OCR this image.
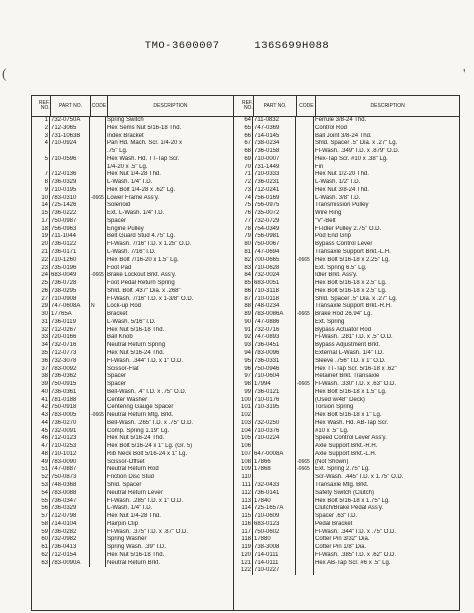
(	'
TMO-3600007	136S699H088
REF. NO.	PART NO.	CODE	DESCRIPTION
1 732-0750A	Spring Switch
2 712-3065	Hex Sems Nut 5/16-18 Thd.
3 731-1063B	Index Bracket
4 710-0924	Pan Hd. Mach. Scr. 1/4-20 x
.75" Lg.
5 710-0596	Hex Wash. Hd. TT-Tap Scr.
1/4-20 x .5" Lg.
7 712-0136	Hex Nut 1/4-28 Thd.
8 736-0329	L-Wash. 1/4" I.D.
9 710-0195	Hex Bolt 1/4-28 x .62" Lg.
10 783-0310	-0665 Lower Frame Ass'y.
14 725-1426	Solenoid
15 736-0222	Ext. L-Wash. 1/4" I.D.
17 750-0987	Spacer
18 756-0963	Engine Pulley
19 711-1044	Belt Guard Stud 4.75" Lg.
20 736-0122	Fl-Wash. 7/16" I.D. x 1.25" O.D.
21 736-0171	L-Wash. 7/16" I.D.
22 710-1260	Hex Bolt 7/16-20 x 1.5" Lg.
23 735-0196	Foot Pad
24 683-0049	-0665 Brake Lockout Brkt. Ass'y.
25 736-0728	Foot Pedal Return Spring
26 738-0295	Shld. Bolt .437" Dia. x .268"
27 710-0908	Fl-Wash. 7/16" I.D. x 1-3/8" O.D.
29 747-0608A	N	Lock-up Rod
30 17765A	Bracket
31 736-0119	L-Wash. 5/16" I.D.
32 712-0267	Hex Nut 5/16-18 Thd.
33 720-0166	Ball Knob
34 732-0716	Neutral Return Spring
35 712-0773	Hex Nut 5/16-24 Thd.
36 732-3078	Fl-Wash. .344" I.D. x 1" O.D.
37 783-0092	Scissor-Flat
38 736-0362	Spacer
39 750-0915	Spacer
40 736-0361	Bell-Wash. .4" I.D. x .75" O.D.
41 781-0188	Center Washer
42 750-0918	Centering Gauge Spacer
43 783-0005	-0665 Neutral Return Mtg. Brkt.
44 736-0270	Bell-Wash. .265" I.D. x .75" O.D.
45 732-0091	Comp. Spring 1.19" Lg.
46 712-0123	Hex Nut 5/16-24 Thd.
47 710-0253	Hex Bolt 5/16-24 x 1" Lg. (Gr. 5)
48 710-1012	Rib Neck Bolt 5/16-24 x 1" Lg.
49 783-0090	Scissor-Offset
51 747-0887	Neutral Return Rod
52 750-0873	Friction Disc Stud
53 748-0368	Shld. Spacer
54 783-0088	Neutral Return Lever
55 736-0347	Fl-Wash. .285" I.D. x 1" O.D.
56 736-0329	L-Wash. 1/4" I.D.
57 712-0798	Hex Nut 1/4-28 Thd.
58 714-0104	Hairpin Clip
59 736-0282	Fl-Wash. .375" I.D. x .87" O.D.
60 732-0982	Spring Washer
61 736-0413	Spring Wash. .39" I.D.
62 712-0154	Hex Nut 5/16-18 Thd.
63 783-0090A	Neutral Return Brkt.
REF. NO.	PART NO.	CODE	DESCRIPTION
64 711-0832	Ferrule 3/8-24 Thd.
65 747-0369	Control Rod
66 714-0145	Ball Joint 3/8-24 Thd.
67 738-0234	Shld. Spacer .5" Dia. x .27" Lg.
68 736-0158	Fl-Wash. .349" I.D. x .879" O.D.
69 710-0007	Hex-Tap Scr. #10 x .38" Lg.
70 731-1449	Fin
71 710-0333	Hex Nut 1/2-20 Thd.
72 736-0231	L-Wash. 1/2" I.D.
73 712-0241	Hex Nut 3/8-24 Thd.
74 756-0169	L-Wash. 3/8" I.D.
75 756-0975	Transmission Pulley
76 735-0072	Wire Ring
77 732-0729	"V"-Belt
78 754-0349	Fl-Idler Pulley 2.75" O.D.
79 756-0981	Pod End Grip
80 750-0067	Bypass Control Lever
81 747-0694	Transaxle Support Brkt.-L.H.
82 700-0665	-0665 Hex Bolt 5/16-18 x 2.25" Lg.
83 710-0628	Ext. Spring 6.5" Lg.
84 732-0024	Idler Brkt. Ass'y.
85 683-0051	Hex Bolt 5/16-18 x 2.5" Lg.
86 710-3118	Hex Bolt 5/16-18 x 2.5" Lg.
87 710-0118	Shld. Spacer .5" Dia. x .27" Lg.
88 748-0234	Transaxle Support Brkt.-R.H.
89 783-0086A	-0665 Brake Rod 26.94" Lg.
90 747-0886	Ext. Spring
91 732-0716	Bypass Actuator Rod
92 747-0893	Fl-Wash. .281" I.D. x .5" O.D.
93 736-0451	Bypass Adjustment Brkt.
94 783-0096	External L-Wash. 1/4" I.D.
95 736-0331	Sleeve .756" I.D. x 1" O.D.
96 750-0946	Hex TT-Tap Scr. 5/16-18 x .62"
97 710-0604	Retainer Brkt. Transaxle
98 17994	-0665 Fl-Wash. .330" I.D. x .63" O.D.
99 736-0121	Hex Bolt 5/16-18 x 1.5" Lg.
100 710-0176	(Used w/48" Deck)
101 710-3195	Torsion Spring
102	Hex Bolt 5/16-18 x 1" Lg.
103 732-0250	Hex Wash. Hd. AB-Tap Scr.
104 710-0376	#10 x .5" Lg.
105 710-0224	Speed Control Lever Ass'y.
106	Axle Support Brkt.-R.H.
107 647-0008A	Axle Support Brkt.-L.H.
108 17866	-0665 (Not Shown)
109 17868	-0665 Ext. Spring 2.75" Lg.
110	Scr-Wash. .445" I.D. x 1.75" O.D.
111 732-0433	Transaxle Mtg. Brkt.
112 736-0141	Safety Switch (Clutch)
113 17840	Hex Bolt 5/16-18 x 1.75" Lg.
114 725-1657A	Clutch/Brake Pedal Ass'y.
115 710-0609	Spacer .63" I.D.
116 683-0123	Pedal Bracket
117 750-0602	Fl-Wash. .344" I.D. x .75" O.D.
118 17880	Cotter Pin 3/32" Dia.
119 738-3008	Cotter Pin 1/8" Dia.
120 714-0111	Fl-Wash. .385" I.D. x .62" O.D.
121 714-0111	Hex AB-Tap Scr. #6 x .5" Lg.
122 710-0227
